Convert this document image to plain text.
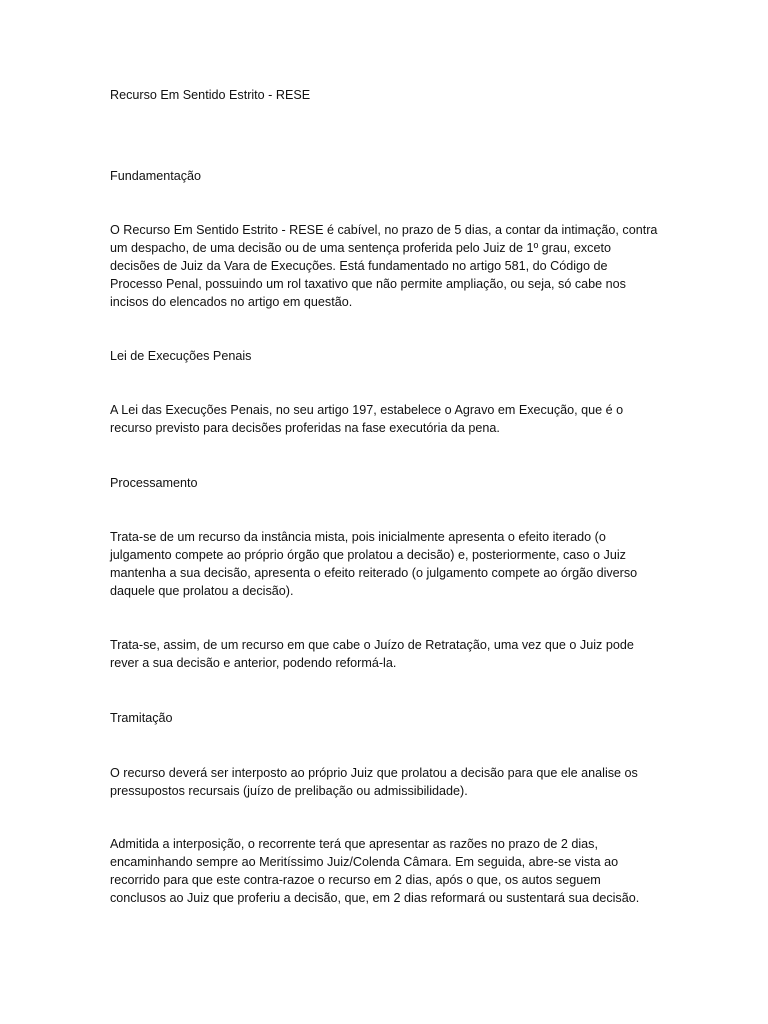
Recurso Em Sentido Estrito - RESE

Fundamentação

O Recurso Em Sentido Estrito - RESE é cabível, no prazo de 5 dias, a contar da intimação, contra
um despacho, de uma decisão ou de uma sentença proferida pelo Juiz de 1º grau, exceto
decisões de Juiz da Vara de Execuções. Está fundamentado no artigo 581, do Código de
Processo Penal, possuindo um rol taxativo que não permite ampliação, ou seja, só cabe nos
incisos do elencados no artigo em questão.

Lei de Execuções Penais

A Lei das Execuções Penais, no seu artigo 197, estabelece o Agravo em Execução, que é o
recurso previsto para decisões proferidas na fase executória da pena.

Processamento

Trata-se de um recurso da instância mista, pois inicialmente apresenta o efeito iterado (o
julgamento compete ao próprio órgão que prolatou a decisão) e, posteriormente, caso o Juiz
mantenha a sua decisão, apresenta o efeito reiterado (o julgamento compete ao órgão diverso
daquele que prolatou a decisão).
Trata-se, assim, de um recurso em que cabe o Juízo de Retratação, uma vez que o Juiz pode
rever a sua decisão e anterior, podendo reformá-la.

Tramitação

O recurso deverá ser interposto ao próprio Juiz que prolatou a decisão para que ele analise os
pressupostos recursais (juízo de prelibação ou admissibilidade).
Admitida a interposição, o recorrente terá que apresentar as razões no prazo de 2 dias,
encaminhando sempre ao Meritíssimo Juiz/Colenda Câmara. Em seguida, abre-se vista ao
recorrido para que este contra-razoe o recurso em 2 dias, após o que, os autos seguem
conclusos ao Juiz que proferiu a decisão, que, em 2 dias reformará ou sustentará sua decisão.
